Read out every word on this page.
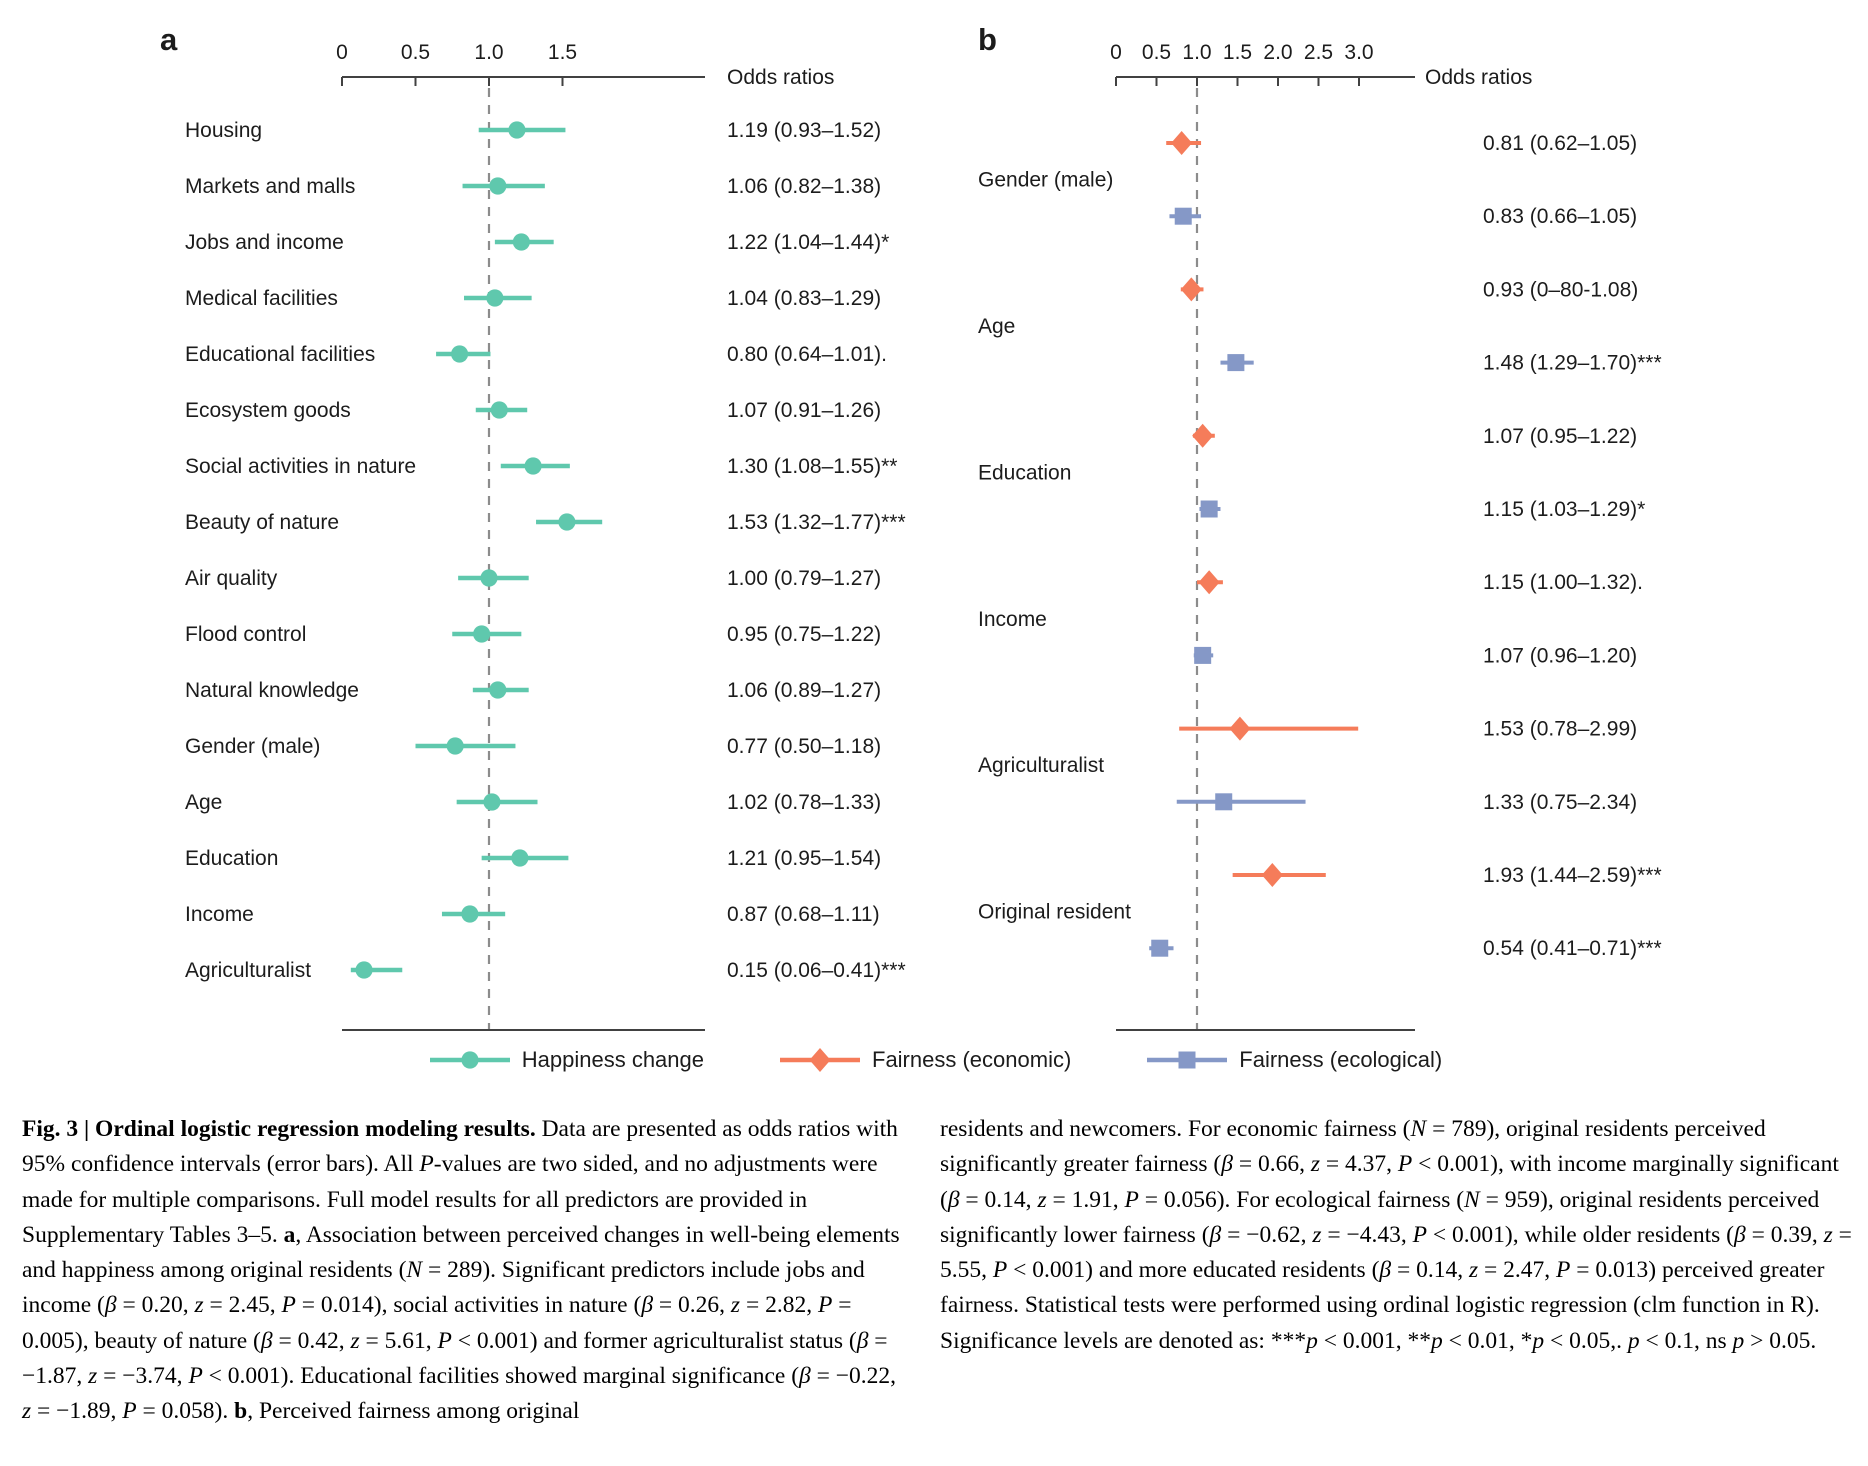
a	0	0.5 1.0 1.5
Odds ratios
Housing	1.19 (0.93–1.52)
Markets and malls	1.06 (0.82–1.38)
Jobs and income	1.22 (1.04–1.44)*
Medical facilities	1.04 (0.83–1.29)
Educational facilities	0.80 (0.64–1.01).
Ecosystem goods	1.07 (0.91–1.26)
Social activities in nature	1.30 (1.08–1.55)**
Beauty of nature	1.53 (1.32–1.77)***
Air quality	1.00 (0.79–1.27)
Flood control	0.95 (0.75–1.22)
Natural knowledge	1.06 (0.89–1.27)
Gender (male)	0.77 (0.50–1.18)
Age	1.02 (0.78–1.33)
Education	1.21 (0.95–1.54)
Income	0.87 (0.68–1.11)
Agriculturalist	0.15 (0.06–0.41)***
b	0 0.5 1.0 1.5 2.0 2.5 3.0
Odds ratios
Gender (male)
0.81 (0.62–1.05)
0.83 (0.66–1.05)
Age
0.93 (0–80-1.08)
1.48 (1.29–1.70)***
Education
1.07 (0.95–1.22)
1.15 (1.03–1.29)*
Income
1.15 (1.00–1.32).
1.07 (0.96–1.20)
Agriculturalist
1.53 (0.78–2.99)
1.33 (0.75–2.34)
Original resident
1.93 (1.44–2.59)***
0.54 (0.41–0.71)***
Happiness change	Fairness (economic)	Fairness (ecological)
Fig. 3 | Ordinal logistic regression modeling results. Data are presented as odds ratios with 95% confidence intervals (error bars). All P-values are two sided, and no adjustments were made for multiple comparisons. Full model results for all predictors are provided in Supplementary Tables 3–5. a, Association between perceived changes in well-being elements and happiness among original residents (N = 289). Significant predictors include jobs and income (β = 0.20, z = 2.45, P = 0.014), social activities in nature (β = 0.26, z = 2.82, P = 0.005), beauty of nature (β = 0.42, z = 5.61, P < 0.001) and former agriculturalist status (β = −1.87, z = −3.74, P < 0.001). Educational facilities showed marginal significance (β = −0.22, z = −1.89, P = 0.058). b, Perceived fairness among original
residents and newcomers. For economic fairness (N = 789), original residents perceived significantly greater fairness (β = 0.66, z = 4.37, P < 0.001), with income marginally significant (β = 0.14, z = 1.91, P = 0.056). For ecological fairness (N = 959), original residents perceived significantly lower fairness (β = −0.62, z = −4.43, P < 0.001), while older residents (β = 0.39, z = 5.55, P < 0.001) and more educated residents (β = 0.14, z = 2.47, P = 0.013) perceived greater fairness. Statistical tests were performed using ordinal logistic regression (clm function in R). Significance levels are denoted as: ***p < 0.001, **p < 0.01, *p < 0.05,. p < 0.1, ns p > 0.05.
